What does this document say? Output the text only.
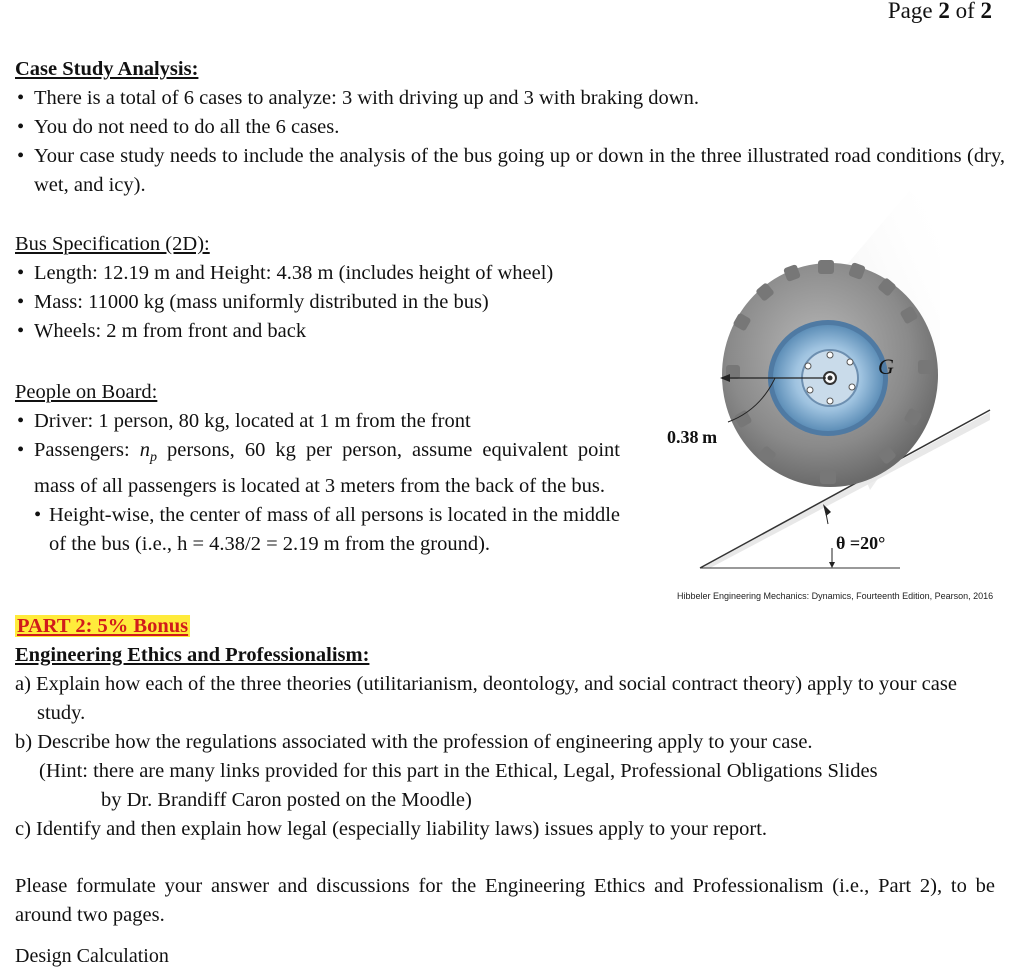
Page 2 of 2
Case Study Analysis:
• There is a total of 6 cases to analyze: 3 with driving up and 3 with braking down.
• You do not need to do all the 6 cases.
• Your case study needs to include the analysis of the bus going up or down in the three illustrated road conditions (dry, wet, and icy).
Bus Specification (2D):
• Length: 12.19 m and Height: 4.38 m (includes height of wheel)
• Mass: 11000 kg (mass uniformly distributed in the bus)
• Wheels: 2 m from front and back
People on Board:
• Driver: 1 person, 80 kg, located at 1 m from the front
• Passengers: $n_p$ persons, 60 kg per person, assume equivalent point mass of all passengers is located at 3 meters from the back of the bus.
• Height-wise, the center of mass of all persons is located in the middle of the bus (i.e., h = 4.38/2 = 2.19 m from the ground).
G
0.38 m
θ =20°
Hibbeler Engineering Mechanics: Dynamics, Fourteenth Edition, Pearson, 2016
PART 2: 5% Bonus
Engineering Ethics and Professionalism:

a) Explain how each of the three theories (utilitarianism, deontology, and social contract theory) apply to your case study.

b) Describe how the regulations associated with the profession of engineering apply to your case.

(Hint: there are many links provided for this part in the Ethical, Legal, Professional Obligations Slides
by Dr. Brandiff Caron posted on the Moodle)

c) Identify and then explain how legal (especially liability laws) issues apply to your report.

Please formulate your answer and discussions for the Engineering Ethics and Professionalism (i.e., Part 2), to be around two pages.
Design Calculation
